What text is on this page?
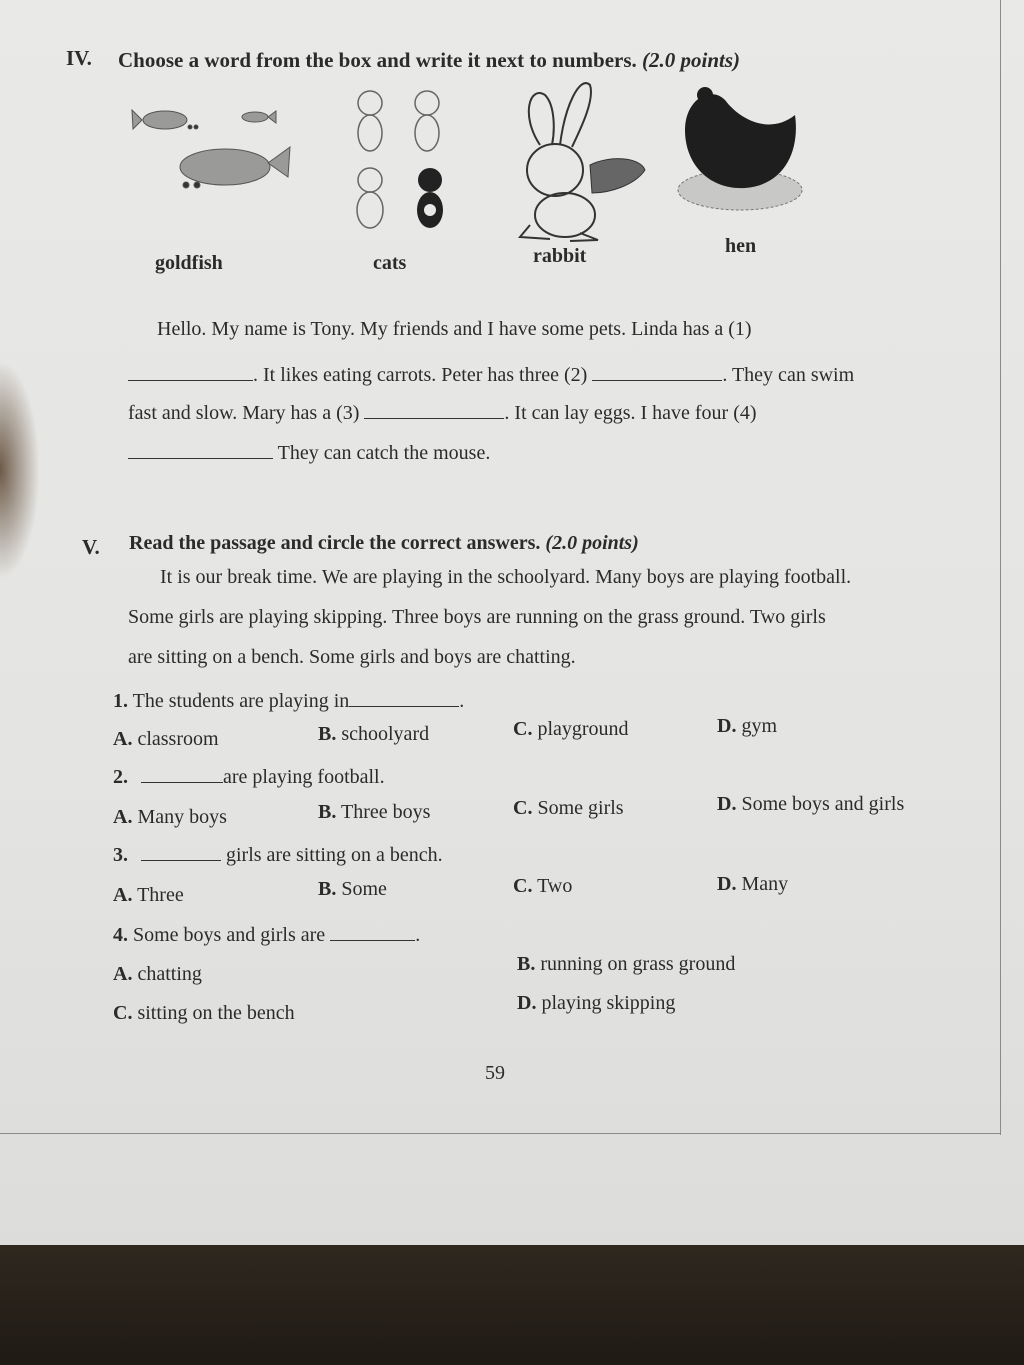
IV. Choose a word from the box and write it next to numbers. (2.0 points)
goldfish	cats	rabbit	hen
Hello. My name is Tony. My friends and I have some pets. Linda has a (1)
. It likes eating carrots. Peter has three (2)	. They can swim
fast and slow. Mary has a (3)	. It can lay eggs. I have four (4)
They can catch the mouse.
V. Read the passage and circle the correct answers. (2.0 points)
It is our break time. We are playing in the schoolyard. Many boys are playing football.
Some girls are playing skipping. Three boys are running on the grass ground. Two girls
are sitting on a bench. Some girls and boys are chatting.
1. The students are playing in	.
A. classroom	B. schoolyard	C. playground	D. gym
2.	are playing football.
A. Many boys	B. Three boys	C. Some girls	D. Some boys and girls
3.	girls are sitting on a bench.
A. Three	B. Some	C. Two	D. Many
4. Some boys and girls are	.
A. chatting	B. running on grass ground
C. sitting on the bench	D. playing skipping
59
